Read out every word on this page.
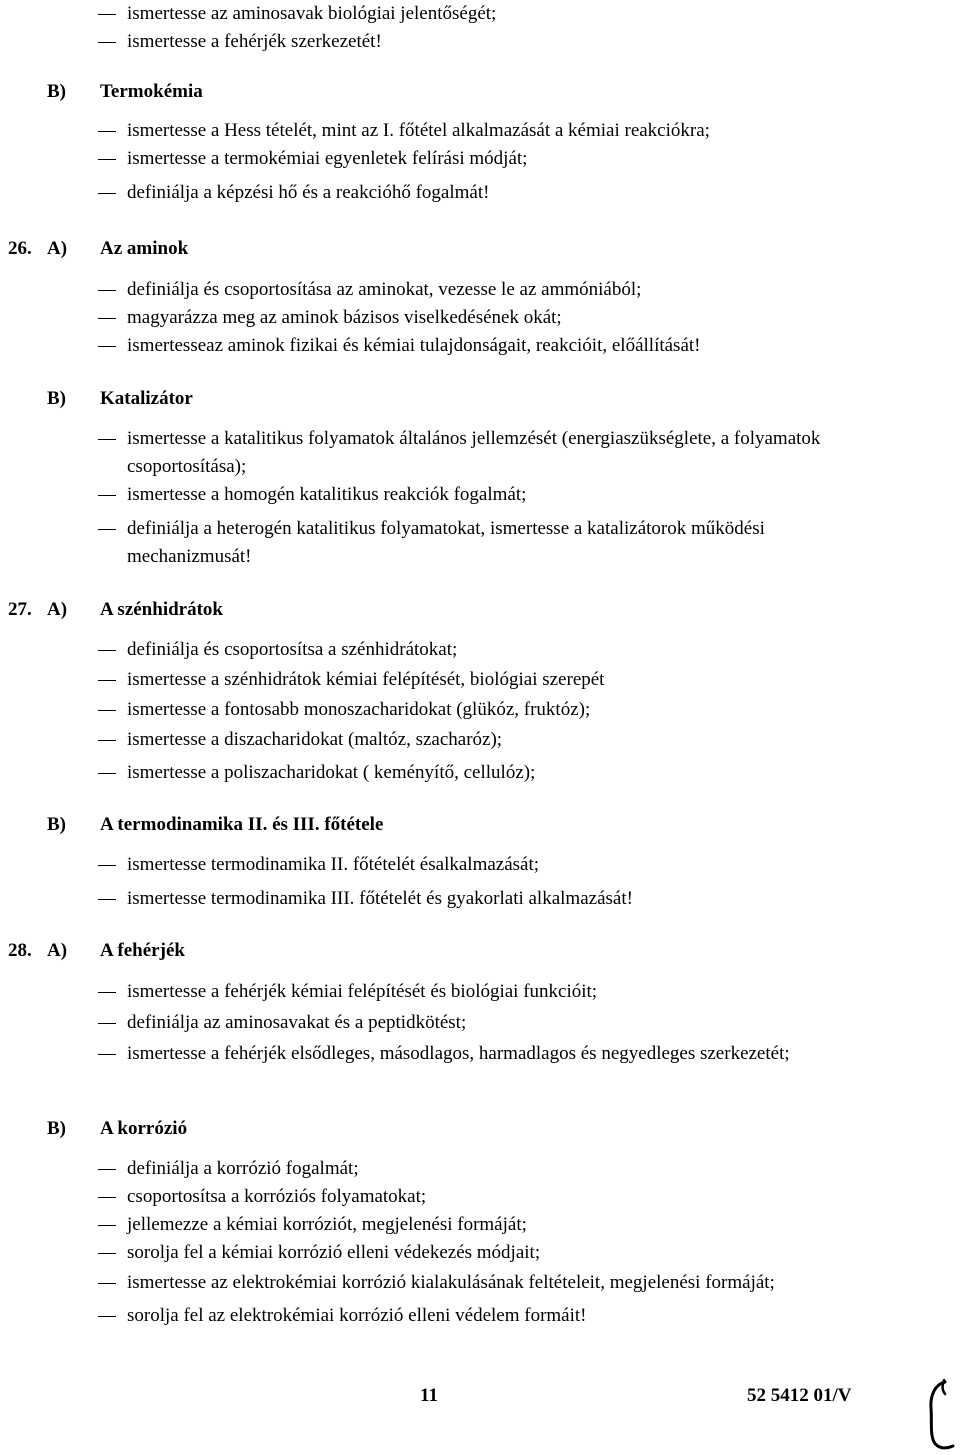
ismertesse az aminosavak biológiai jelentőségét;
ismertesse a fehérjék szerkezetét!
B) Termokémia
ismertesse a Hess tételét, mint az I. főtétel alkalmazását a kémiai reakciókra;
ismertesse a termokémiai egyenletek felírási módját;
definiálja a képzési hő és a reakcióhő fogalmát!
26. A) Az aminok
definiálja és csoportosítása az aminokat, vezesse le az ammóniából;
magyarázza meg az aminok bázisos viselkedésének okát;
ismertesseaz aminok fizikai és kémiai tulajdonságait, reakcióit, előállítását!
B) Katalizátor
ismertesse a katalitikus folyamatok általános jellemzését (energiaszükséglete, a folyamatok csoportosítása);
ismertesse a homogén katalitikus reakciók fogalmát;
definiálja a heterogén katalitikus folyamatokat, ismertesse a katalizátorok működési mechanizmusát!
27. A) A szénhidrátok
definiálja és csoportosítsa a szénhidrátokat;
ismertesse a szénhidrátok kémiai felépítését, biológiai szerepét
ismertesse a fontosabb monoszacharidokat (glükóz, fruktóz);
ismertesse a diszacharidokat (maltóz, szacharóz);
ismertesse a poliszacharidokat ( keményítő, cellulóz);
B) A termodinamika II. és III. főtétele
ismertesse termodinamika II. főtételét ésalkalmazását;
ismertesse termodinamika III. főtételét és gyakorlati alkalmazását!
28. A) A fehérjék
ismertesse a fehérjék kémiai felépítését és biológiai funkcióit;
definiálja az aminosavakat és a peptidkötést;
ismertesse a fehérjék elsődleges, másodlagos, harmadlagos és negyedleges szerkezetét;
B) A korrózió
definiálja a korrózió fogalmát;
csoportosítsa a korróziós folyamatokat;
jellemezze a kémiai korróziót, megjelenési formáját;
sorolja fel a kémiai korrózió elleni védekezés módjait;
ismertesse az elektrokémiai korrózió kialakulásának feltételeit, megjelenési formáját;
sorolja fel az elektrokémiai korrózió elleni védelem formáit!
11	52 5412 01/V
